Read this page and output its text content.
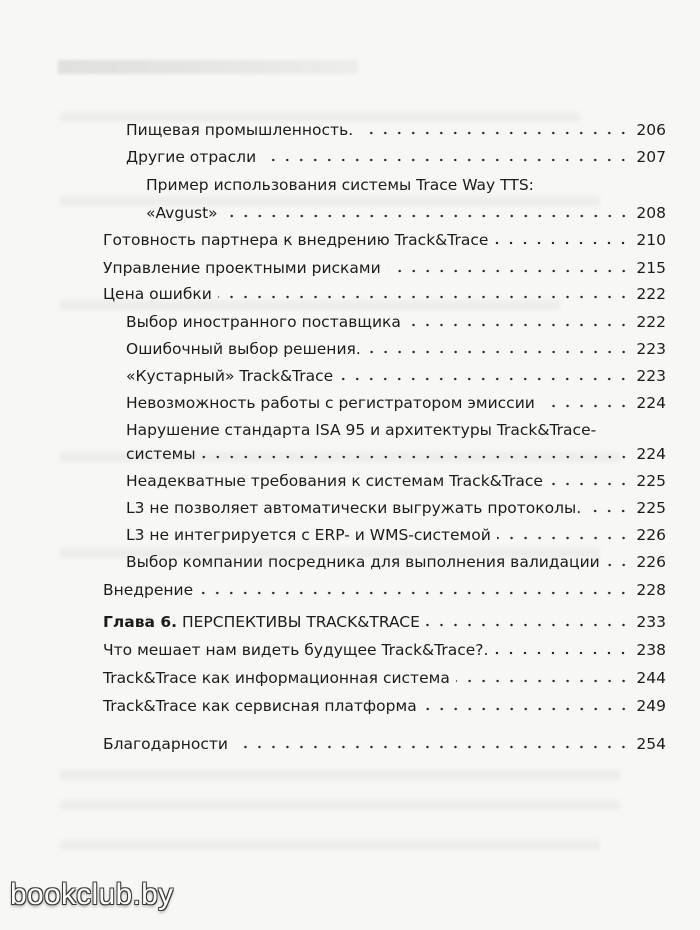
Пищевая промышленность.	206
Другие отрасли	207
Пример использования системы Trace Way TTS:
«Avgust»	208
Готовность партнера к внедрению Track&Trace	210
Управление проектными рисками	215
Цена ошибки	222
Выбор иностранного поставщика	222
Ошибочный выбор решения.	223
«Кустарный» Track&Trace	223
Невозможность работы с регистратором эмиссии	224
Нарушение стандарта ISA 95 и архитектуры Track&Trace-
системы	224
Неадекватные требования к системам Track&Trace	225
L3 не позволяет автоматически выгружать протоколы.	225
L3 не интегрируется с ERP- и WMS-системой	226
Выбор компании посредника для выполнения валидации 226
Внедрение	228
Глава 6. ПЕРСПЕКТИВЫ TRACK&TRACE	233
Что мешает нам видеть будущее Track&Trace?.	238
Track&Trace как информационная система	244
Track&Trace как сервисная платформа	249
Благодарности	254
bookclub.by
